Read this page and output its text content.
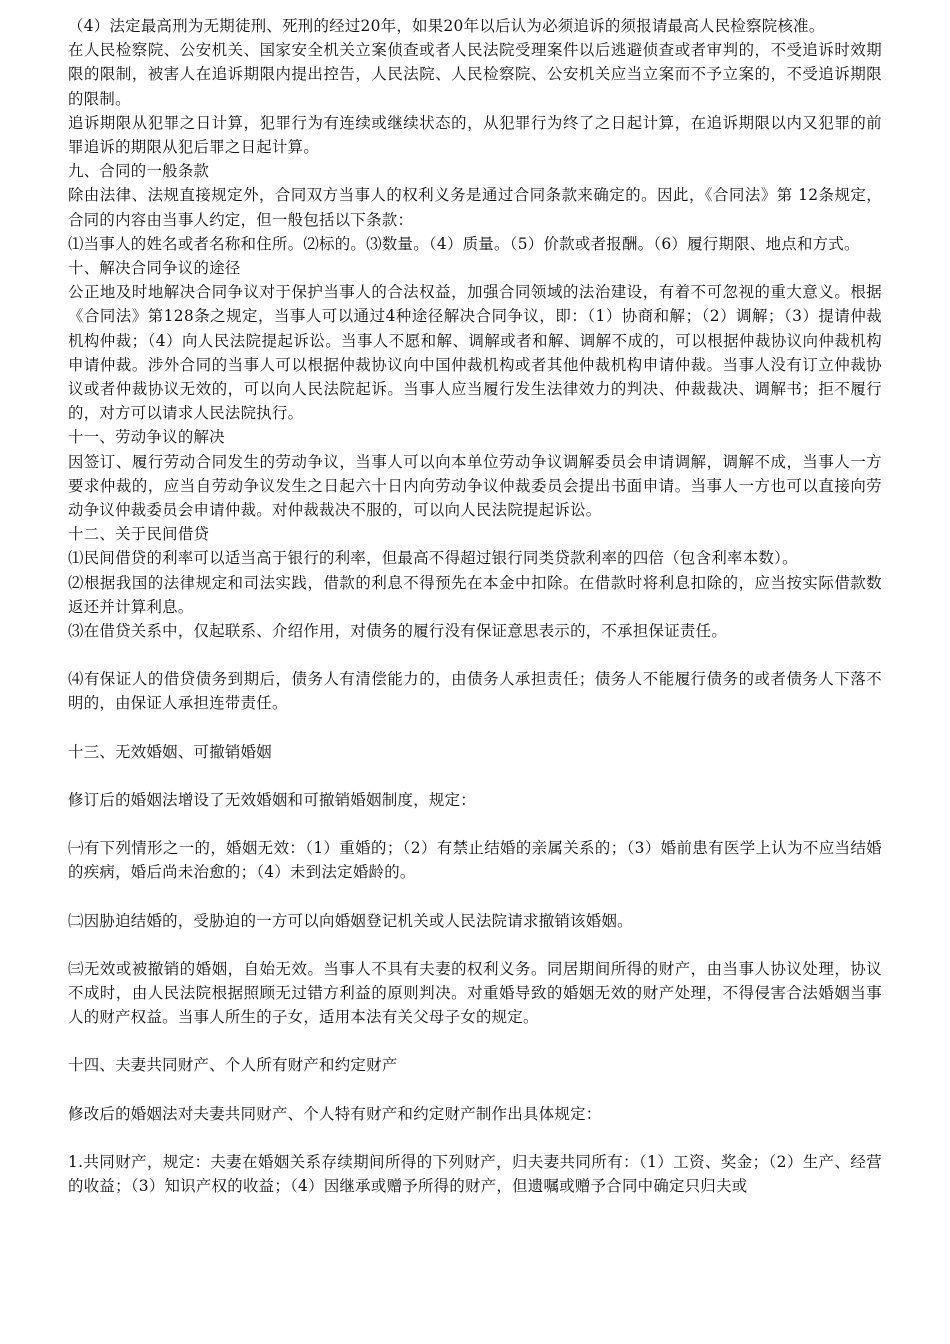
（4）法定最高刑为无期徒刑、死刑的经过20年，如果20年以后认为必须追诉的须报请最高人民检察院核准。

在人民检察院、公安机关、国家安全机关立案侦查或者人民法院受理案件以后逃避侦查或者审判的，不受追诉时效期限的限制，被害人在追诉期限内提出控告，人民法院、人民检察院、公安机关应当立案而不予立案的，不受追诉期限的限制。

追诉期限从犯罪之日计算，犯罪行为有连续或继续状态的，从犯罪行为终了之日起计算，在追诉期限以内又犯罪的前罪追诉的期限从犯后罪之日起计算。

九、合同的一般条款

除由法律、法规直接规定外，合同双方当事人的权利义务是通过合同条款来确定的。因此，《合同法》第 12条规定，合同的内容由当事人约定，但一般包括以下条款：

⑴当事人的姓名或者名称和住所。⑵标的。⑶数量。（4）质量。（5）价款或者报酬。（6）履行期限、地点和方式。

十、解决合同争议的途径

公正地及时地解决合同争议对于保护当事人的合法权益，加强合同领域的法治建设，有着不可忽视的重大意义。根据《合同法》第128条之规定，当事人可以通过4种途径解决合同争议，即：（1）协商和解；（2）调解；（3）提请仲裁机构仲裁；（4）向人民法院提起诉讼。当事人不愿和解、调解或者和解、调解不成的，可以根据仲裁协议向仲裁机构申请仲裁。涉外合同的当事人可以根据仲裁协议向中国仲裁机构或者其他仲裁机构申请仲裁。当事人没有订立仲裁协议或者仲裁协议无效的，可以向人民法院起诉。当事人应当履行发生法律效力的判决、仲裁裁决、调解书；拒不履行的，对方可以请求人民法院执行。

十一、劳动争议的解决

因签订、履行劳动合同发生的劳动争议，当事人可以向本单位劳动争议调解委员会申请调解，调解不成，当事人一方要求仲裁的，应当自劳动争议发生之日起六十日内向劳动争议仲裁委员会提出书面申请。当事人一方也可以直接向劳动争议仲裁委员会申请仲裁。对仲裁裁决不服的，可以向人民法院提起诉讼。

十二、关于民间借贷

⑴民间借贷的利率可以适当高于银行的利率，但最高不得超过银行同类贷款利率的四倍（包含利率本数）。

⑵根据我国的法律规定和司法实践，借款的利息不得预先在本金中扣除。在借款时将利息扣除的，应当按实际借款数返还并计算利息。

⑶在借贷关系中，仅起联系、介绍作用，对债务的履行没有保证意思表示的，不承担保证责任。

⑷有保证人的借贷债务到期后，债务人有清偿能力的，由债务人承担责任；债务人不能履行债务的或者债务人下落不明的，由保证人承担连带责任。

十三、无效婚姻、可撤销婚姻

修订后的婚姻法增设了无效婚姻和可撤销婚姻制度，规定：

㈠有下列情形之一的，婚姻无效：（1）重婚的；（2）有禁止结婚的亲属关系的；（3）婚前患有医学上认为不应当结婚的疾病，婚后尚未治愈的；（4）未到法定婚龄的。

㈡因胁迫结婚的，受胁迫的一方可以向婚姻登记机关或人民法院请求撤销该婚姻。

㈢无效或被撤销的婚姻，自始无效。当事人不具有夫妻的权利义务。同居期间所得的财产，由当事人协议处理，协议不成时，由人民法院根据照顾无过错方利益的原则判决。对重婚导致的婚姻无效的财产处理，不得侵害合法婚姻当事人的财产权益。当事人所生的子女，适用本法有关父母子女的规定。

十四、夫妻共同财产、个人所有财产和约定财产

修改后的婚姻法对夫妻共同财产、个人特有财产和约定财产制作出具体规定：

1.共同财产，规定：夫妻在婚姻关系存续期间所得的下列财产，归夫妻共同所有：（1）工资、奖金；（2）生产、经营的收益；（3）知识产权的收益；（4）因继承或赠予所得的财产，但遗嘱或赠予合同中确定只归夫或
